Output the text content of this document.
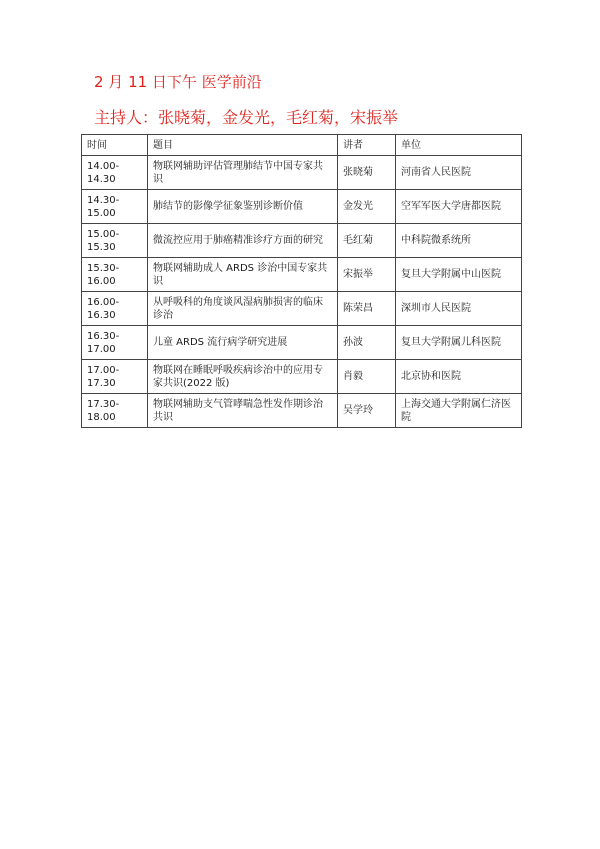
2 月 11 日下午 医学前沿
主持人：张晓菊，金发光，毛红菊，宋振举
时间	题目	讲者	单位
14.00-14.30	物联网辅助评估管理肺结节中国专家共识	张晓菊	河南省人民医院
14.30-15.00	肺结节的影像学征象鉴别诊断价值	金发光	空军军医大学唐都医院
15.00-15.30	微流控应用于肺癌精准诊疗方面的研究	毛红菊	中科院微系统所
15.30-16.00	物联网辅助成人 ARDS 诊治中国专家共识	宋振举	复旦大学附属中山医院
16.00-16.30	从呼吸科的角度谈风湿病肺损害的临床诊治	陈荣昌	深圳市人民医院
16.30-17.00	儿童 ARDS 流行病学研究进展	孙波	复旦大学附属儿科医院
17.00-17.30	物联网在睡眠呼吸疾病诊治中的应用专家共识(2022 版)	肖毅	北京协和医院
17.30-18.00	物联网辅助支气管哮喘急性发作期诊治共识	吴学玲	上海交通大学附属仁济医院
